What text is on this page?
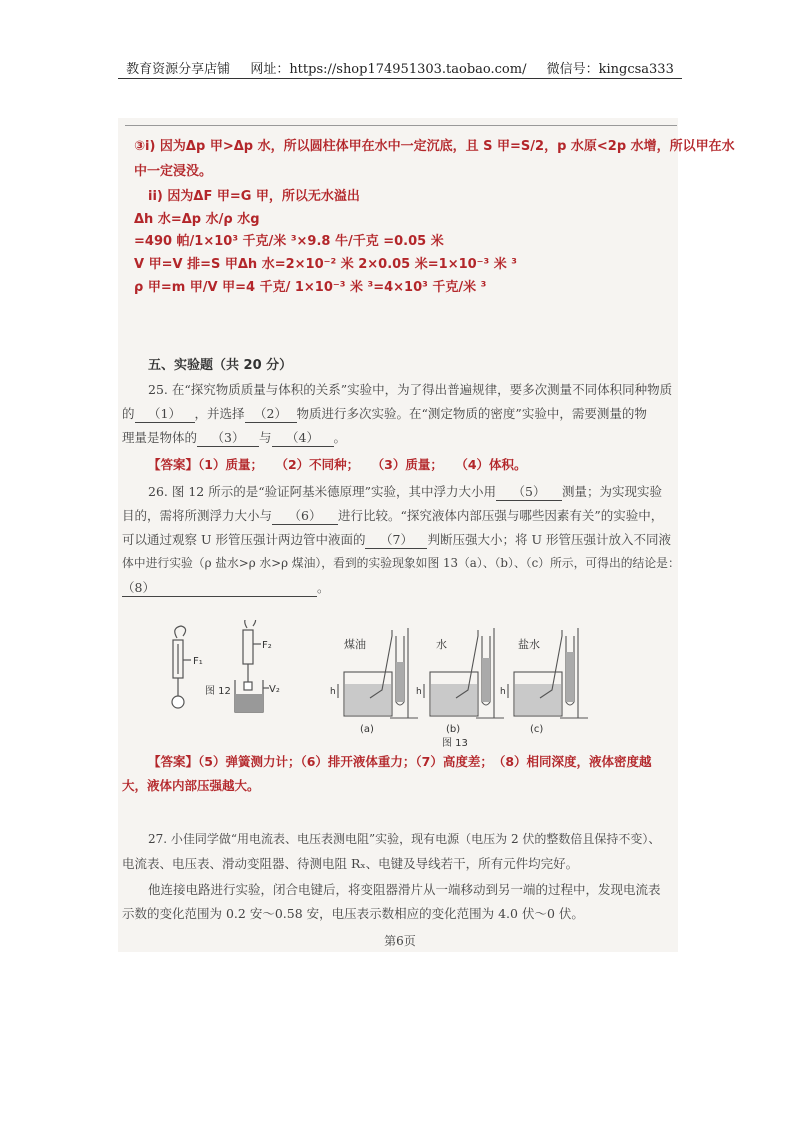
教育资源分享店铺 网址：https://shop174951303.taobao.com/ 微信号：kingcsa333
③i) 因为Δp 甲>Δp 水，所以圆柱体甲在水中一定沉底，且 S 甲=S/2，p 水原<2p 水增，所以甲在水
中一定浸没。
ii) 因为ΔF 甲=G 甲，所以无水溢出
Δh 水=Δp 水/ρ 水g
=490 帕/1×10³ 千克/米 ³×9.8 牛/千克 =0.05 米
V 甲=V 排=S 甲Δh 水=2×10⁻² 米 2×0.05 米=1×10⁻³ 米 ³
ρ 甲=m 甲/V 甲=4 千克/ 1×10⁻³ 米 ³=4×10³ 千克/米 ³
五、实验题（共 20 分）
25. 在“探究物质质量与体积的关系”实验中，为了得出普遍规律，要多次测量不同体积同种物质
的 （1） ，并选择 （2） 物质进行多次实验。在“测定物质的密度”实验中，需要测量的物
理量是物体的 （3） 与 （4） 。
【答案】（1）质量；　　（2）不同种；　　（3）质量；　　（4）体积。
26. 图 12 所示的是“验证阿基米德原理”实验，其中浮力大小用 （5） 测量；为实现实验
目的，需将所测浮力大小与 （6） 进行比较。“探究液体内部压强与哪些因素有关”的实验中，
可以通过观察 U 形管压强计两边管中液面的 （7） 判断压强大小；将 U 形管压强计放入不同液
体中进行实验（ρ 盐水>ρ 水>ρ 煤油），看到的实验现象如图 13（a）、（b）、（c）所示，可得出的结论是：
（8）	。
F₁
F₂
V₂
图 12
煤油	水	盐水
h	h	h
(a)	(b)	(c)
图 13
【答案】（5）弹簧测力计；（6）排开液体重力；（7）高度差；　（8）相同深度，液体密度越
大，液体内部压强越大。
27. 小佳同学做“用电流表、电压表测电阻”实验，现有电源（电压为 2 伏的整数倍且保持不变）、
电流表、电压表、滑动变阻器、待测电阻 Rₓ、电键及导线若干，所有元件均完好。
他连接电路进行实验，闭合电键后，将变阻器滑片从一端移动到另一端的过程中，发现电流表
示数的变化范围为 0.2 安～0.58 安，电压表示数相应的变化范围为 4.0 伏～0 伏。
第6页
